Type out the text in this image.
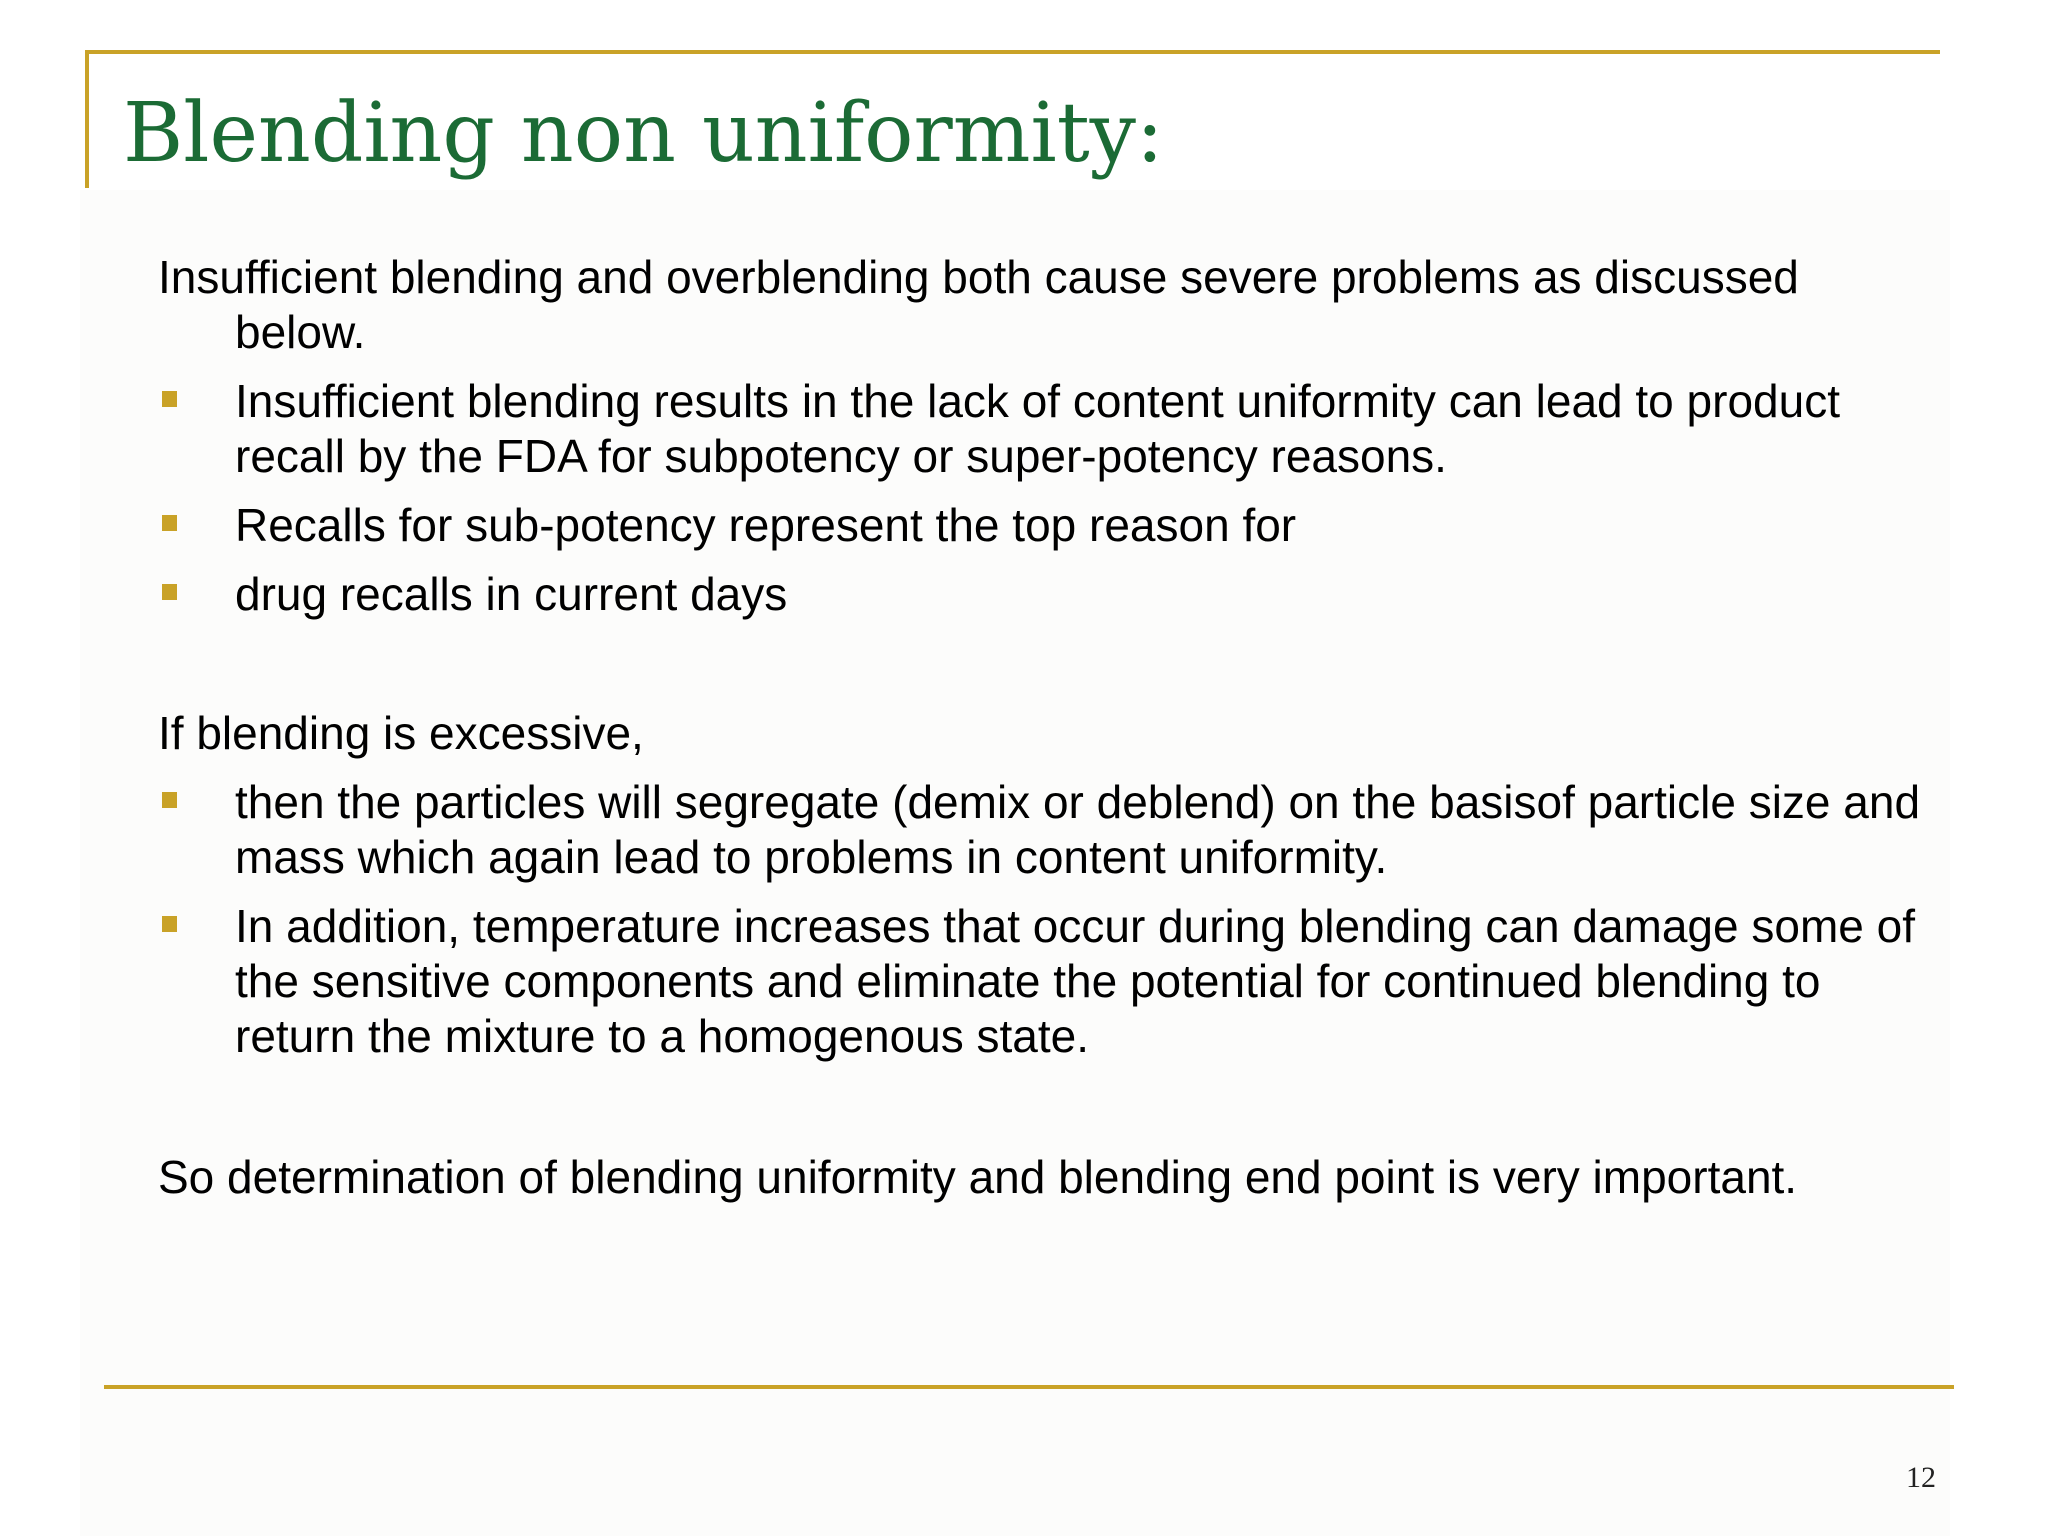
Blending non uniformity:

Insufficient blending and overblending both cause severe problems as discussed below.

Insufficient blending results in the lack of content uniformity can lead to product recall by the FDA for subpotency or super-potency reasons.
Recalls for sub-potency represent the top reason for
drug recalls in current days

If blending is excessive,

then the particles will segregate (demix or deblend) on the basisof particle size and mass which again lead to problems in content uniformity.
In addition, temperature increases that occur during blending can damage some of the sensitive components and eliminate the potential for continued blending to return the mixture to a homogenous state.

So determination of blending uniformity and blending end point is very important.

12
